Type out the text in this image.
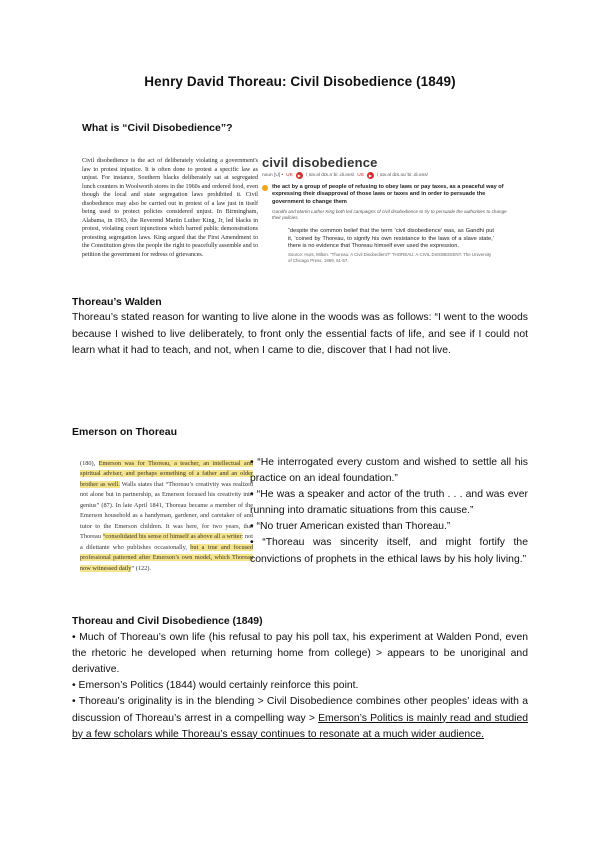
Henry David Thoreau: Civil Disobedience (1849)
What is “Civil Disobedience”?
Civil disobedience is the act of deliberately violating a government's law to protest injustice. It is often done to protest a specific law as unjust. For instance, Southern blacks deliberately sat at segregated lunch counters in Woolworth stores in the 1960s and ordered food, even though the local and state segregation laws prohibited it. Civil disobedience may also be carried out in protest of a law just in itself being used to protect policies considered unjust. In Birmingham, Alabama, in 1963, the Reverend Martin Luther King, Jr, led blacks in protest, violating court injunctions which barred public demonstrations protesting segregation laws. King argued that the First Amendment to the Constitution gives the people the right to peacefully assemble and to petition the government for redress of grievances.
civil disobedience
noun [U] • UK	▶	/ˌsɪv.əl dɪs.əˈbiː.di.əns/ US	▶	/ˌsɪv.əl dɪs.oʊˈbiː.di.əns/
the act by a group of people of refusing to obey laws or pay taxes, as a peaceful way of expressing their disapproval of those laws or taxes and in order to persuade the government to change them
Gandhi and Martin Luther King both led campaigns of civil disobedience to try to persuade the authorities to change their policies.
“despite the common belief that the term ‘civil disobedience’ was, as Gandhi put it, ‘coined by Thoreau, to signify his own resistance to the laws of a slave state,’ there is no evidence that Thoreau himself ever used the expression.
Source: Hunt, Milton. “Thoreau: A Civil Disobedient?” THOREAU: A CIVIL DISOBEDIENT. The University of Chicago Press, 1959, 51-57.
Thoreau’s Walden
Thoreau’s stated reason for wanting to live alone in the woods was as follows: “I went to the woods because I wished to live deliberately, to front only the essential facts of life, and see if I could not learn what it had to teach, and not, when I came to die, discover that I had not live.
Emerson on Thoreau
(180), Emerson was for Thoreau, a teacher, an intellectual and spiritual adviser, and perhaps something of a father and an older brother as well. Walls states that “Thoreau’s creativity was realized not alone but in partnership, as Emerson focused his creativity into genius” (87). In late April 1841, Thoreau became a member of the Emerson household as a handyman, gardener, and caretaker of and tutor to the Emerson children. It was here, for two years, that Thoreau “consolidated his sense of himself as above all a writer: not a dilettante who publishes occasionally, but a true and focused professional patterned after Emerson’s own model, which Thoreau now witnessed daily” (122).
• “He interrogated every custom and wished to settle all his practice on an ideal foundation.”
• “He was a speaker and actor of the truth . . . and was ever running into dramatic situations from this cause.”
• “No truer American existed than Thoreau.”
• “Thoreau was sincerity itself, and might fortify the convictions of prophets in the ethical laws by his holy living.”
Thoreau and Civil Disobedience (1849)
• Much of Thoreau’s own life (his refusal to pay his poll tax, his experiment at Walden Pond, even the rhetoric he developed when returning home from college) > appears to be unoriginal and derivative.
• Emerson’s Politics (1844) would certainly reinforce this point.
• Thoreau’s originality is in the blending > Civil Disobedience combines other peoples’ ideas with a discussion of Thoreau’s arrest in a compelling way > Emerson’s Politics is mainly read and studied by a few scholars while Thoreau’s essay continues to resonate at a much wider audience.
